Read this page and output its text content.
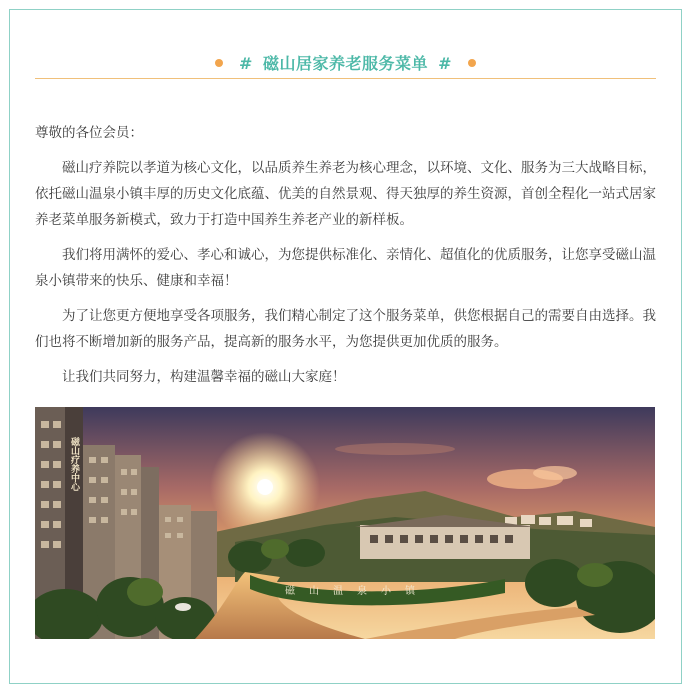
# 磁山居家养老服务菜单 #

尊敬的各位会员：

磁山疗养院以孝道为核心文化，以品质养生养老为核心理念，以环境、文化、服务为三大战略目标，依托磁山温泉小镇丰厚的历史文化底蕴、优美的自然景观、得天独厚的养生资源，首创全程化一站式居家养老菜单服务新模式，致力于打造中国养生养老产业的新样板。

我们将用满怀的爱心、孝心和诚心，为您提供标准化、亲情化、超值化的优质服务，让您享受磁山温泉小镇带来的快乐、健康和幸福！

为了让您更方便地享受各项服务，我们精心制定了这个服务菜单，供您根据自己的需要自由选择。我们也将不断增加新的服务产品，提高新的服务水平，为您提供更加优质的服务。

让我们共同努力，构建温馨幸福的磁山大家庭！

磁山疗养中心
磁山温泉小镇
